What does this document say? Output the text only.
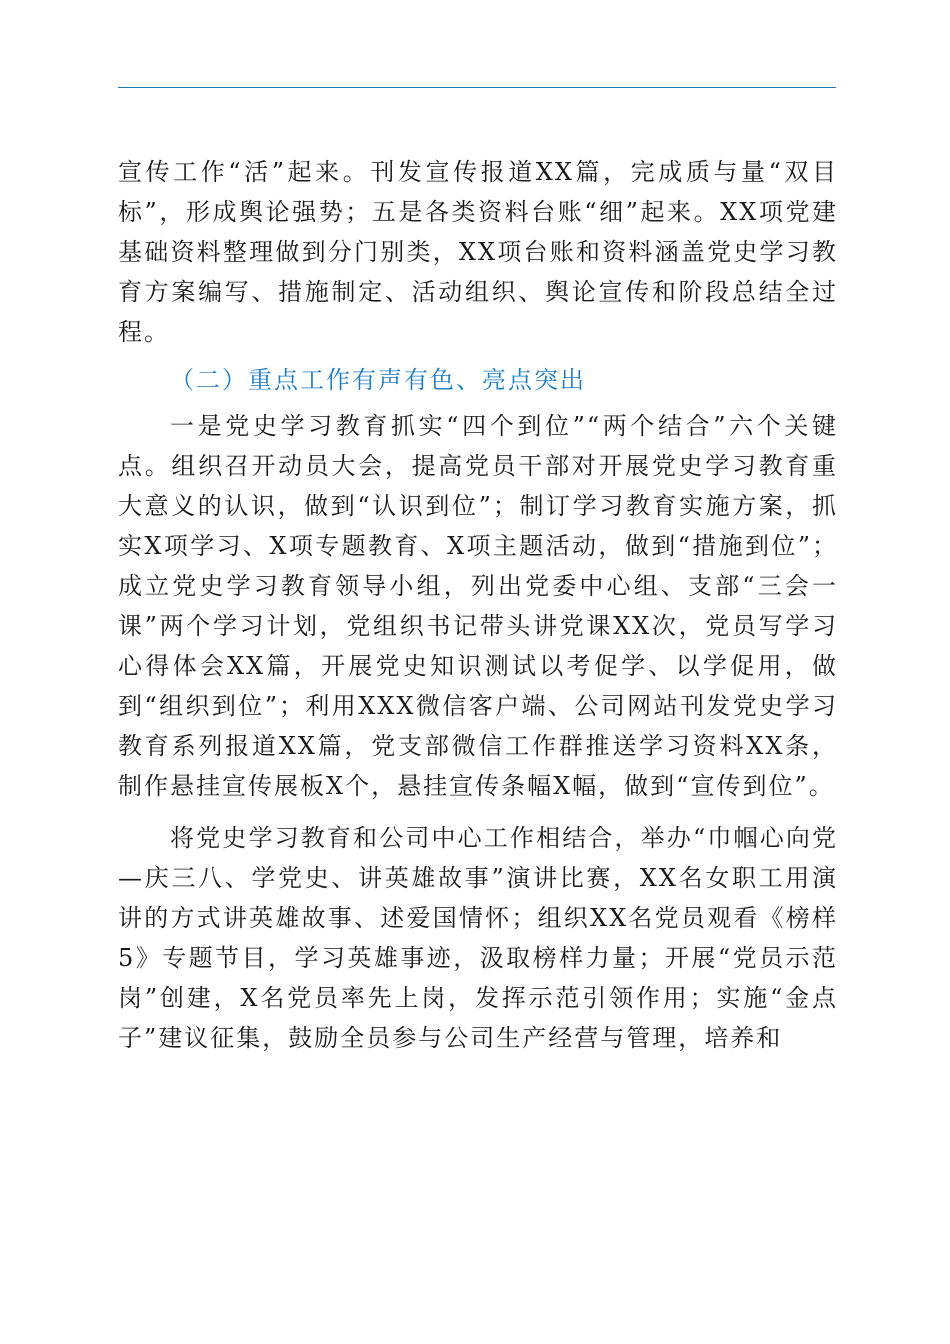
宣传工作“活”起来。刊发宣传报道XX篇，完成质与量“双目标”，形成舆论强势；五是各类资料台账“细”起来。XX项党建基础资料整理做到分门别类，XX项台账和资料涵盖党史学习教育方案编写、措施制定、活动组织、舆论宣传和阶段总结全过程。

（二）重点工作有声有色、亮点突出

一是党史学习教育抓实“四个到位”“两个结合”六个关键点。组织召开动员大会，提高党员干部对开展党史学习教育重大意义的认识，做到“认识到位”；制订学习教育实施方案，抓实X项学习、X项专题教育、X项主题活动，做到“措施到位”；成立党史学习教育领导小组，列出党委中心组、支部“三会一课”两个学习计划，党组织书记带头讲党课XX次，党员写学习心得体会XX篇，开展党史知识测试以考促学、以学促用，做到“组织到位”；利用XXX微信客户端、公司网站刊发党史学习教育系列报道XX篇，党支部微信工作群推送学习资料XX条，制作悬挂宣传展板X个，悬挂宣传条幅X幅，做到“宣传到位”。

将党史学习教育和公司中心工作相结合，举办“巾帼心向党—庆三八、学党史、讲英雄故事”演讲比赛，XX名女职工用演讲的方式讲英雄故事、述爱国情怀；组织XX名党员观看《榜样5》专题节目，学习英雄事迹，汲取榜样力量；开展“党员示范岗”创建，X名党员率先上岗，发挥示范引领作用；实施“金点子”建议征集，鼓励全员参与公司生产经营与管理，培养和
